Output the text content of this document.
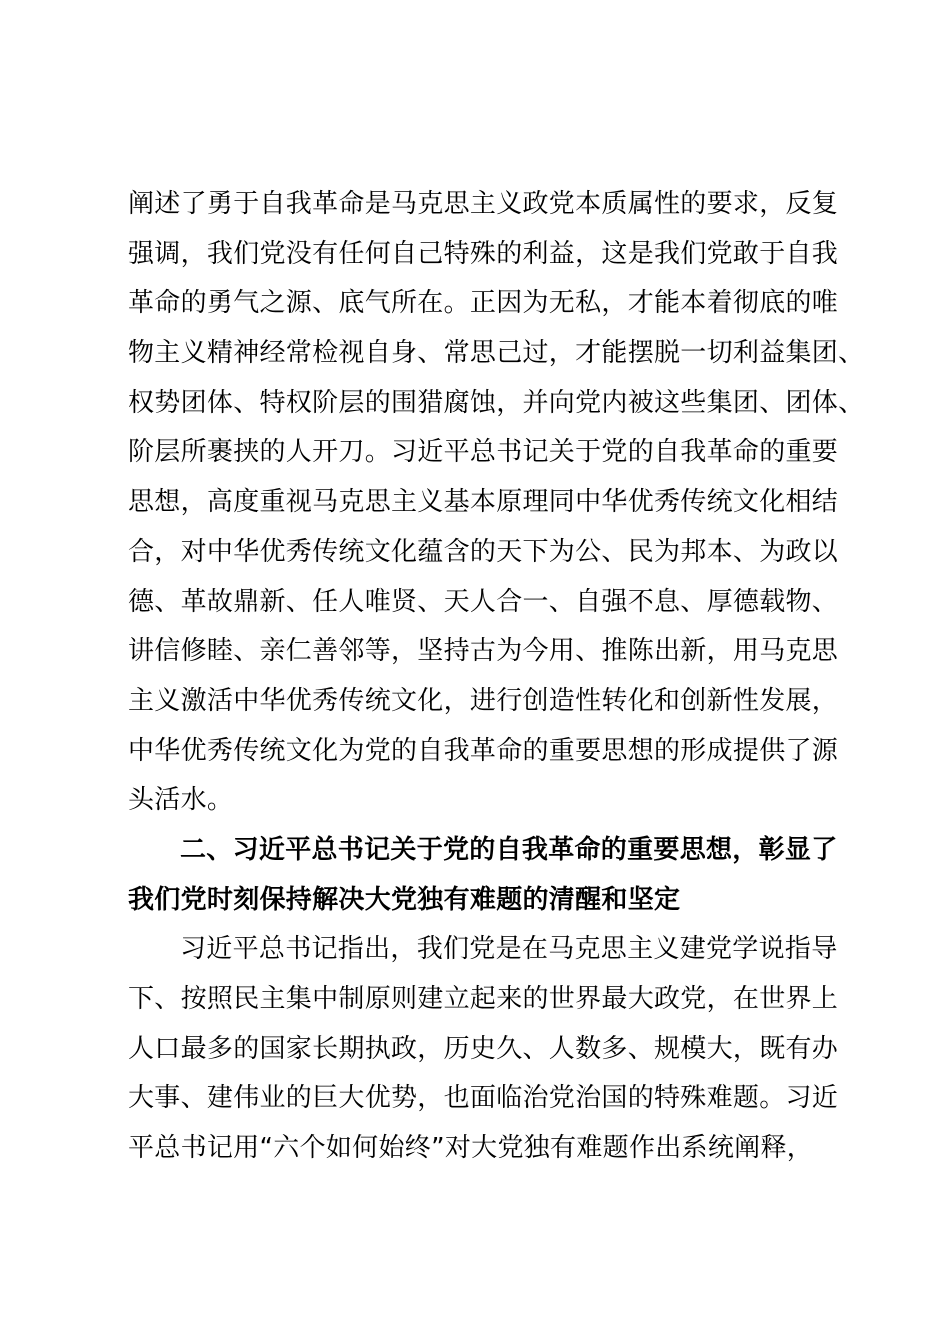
阐述了勇于自我革命是马克思主义政党本质属性的要求，反复
强调，我们党没有任何自己特殊的利益，这是我们党敢于自我
革命的勇气之源、底气所在。正因为无私，才能本着彻底的唯
物主义精神经常检视自身、常思己过，才能摆脱一切利益集团、
权势团体、特权阶层的围猎腐蚀，并向党内被这些集团、团体、
阶层所裹挟的人开刀。习近平总书记关于党的自我革命的重要
思想，高度重视马克思主义基本原理同中华优秀传统文化相结
合，对中华优秀传统文化蕴含的天下为公、民为邦本、为政以
德、革故鼎新、任人唯贤、天人合一、自强不息、厚德载物、
讲信修睦、亲仁善邻等，坚持古为今用、推陈出新，用马克思
主义激活中华优秀传统文化，进行创造性转化和创新性发展，
中华优秀传统文化为党的自我革命的重要思想的形成提供了源
头活水。
二、习近平总书记关于党的自我革命的重要思想，彰显了
我们党时刻保持解决大党独有难题的清醒和坚定
习近平总书记指出，我们党是在马克思主义建党学说指导
下、按照民主集中制原则建立起来的世界最大政党，在世界上
人口最多的国家长期执政，历史久、人数多、规模大，既有办
大事、建伟业的巨大优势，也面临治党治国的特殊难题。习近
平总书记用“六个如何始终”对大党独有难题作出系统阐释，
